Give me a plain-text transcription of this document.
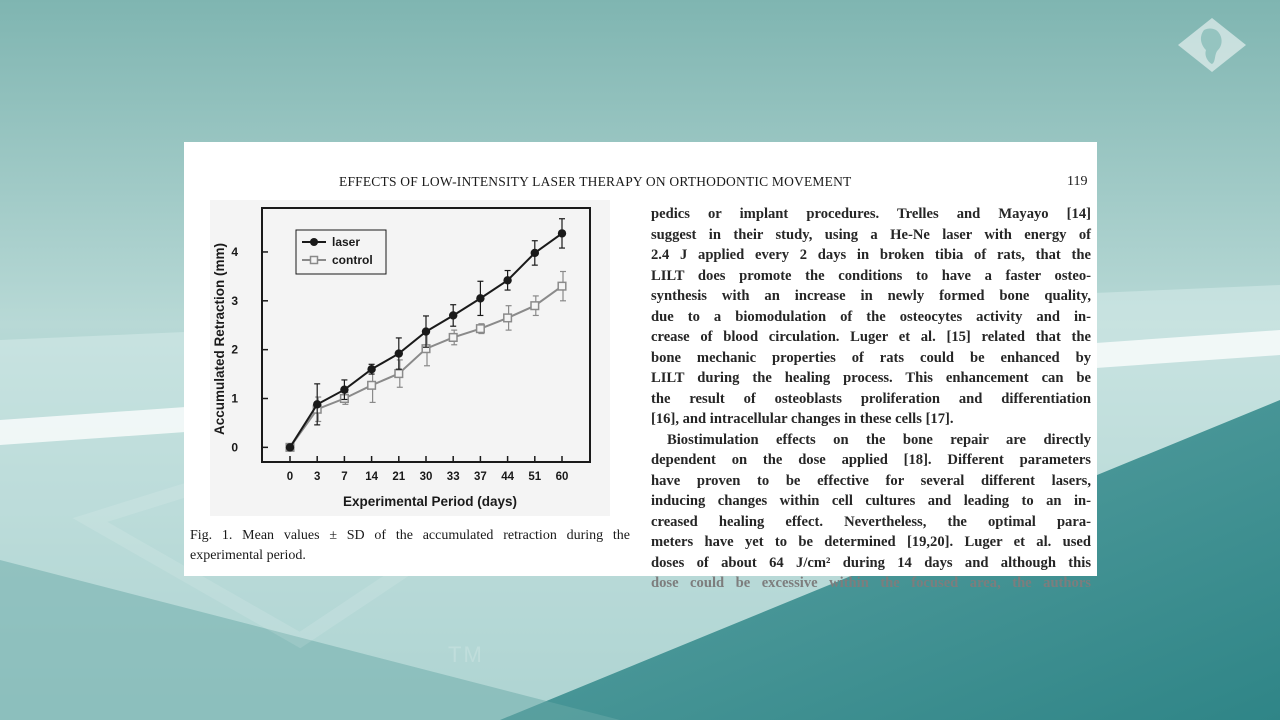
TM
EFFECTS OF LOW-INTENSITY LASER THERAPY ON ORTHODONTIC MOVEMENT	119
0
1
2
3
4
0 3 7 14 21 30 33 37 44 51 60
Experimental Period (days)
Accumulated Retraction (mm)
laser
control
Fig. 1. Mean values ± SD of the accumulated retraction during the experimental period.
pedics or implant procedures. Trelles and Mayayo [14]
suggest in their study, using a He-Ne laser with energy of
2.4 J applied every 2 days in broken tibia of rats, that the
LILT does promote the conditions to have a faster osteo-
synthesis with an increase in newly formed bone quality,
due to a biomodulation of the osteocytes activity and in-
crease of blood circulation. Luger et al. [15] related that the
bone mechanic properties of rats could be enhanced by
LILT during the healing process. This enhancement can be
the result of osteoblasts proliferation and differentiation
[16], and intracellular changes in these cells [17].
Biostimulation effects on the bone repair are directly
dependent on the dose applied [18]. Different parameters
have proven to be effective for several different lasers,
inducing changes within cell cultures and leading to an in-
creased healing effect. Nevertheless, the optimal para-
meters have yet to be determined [19,20]. Luger et al. used
doses of about 64 J/cm² during 14 days and although this
dose could be excessive within the focused area, the authors
